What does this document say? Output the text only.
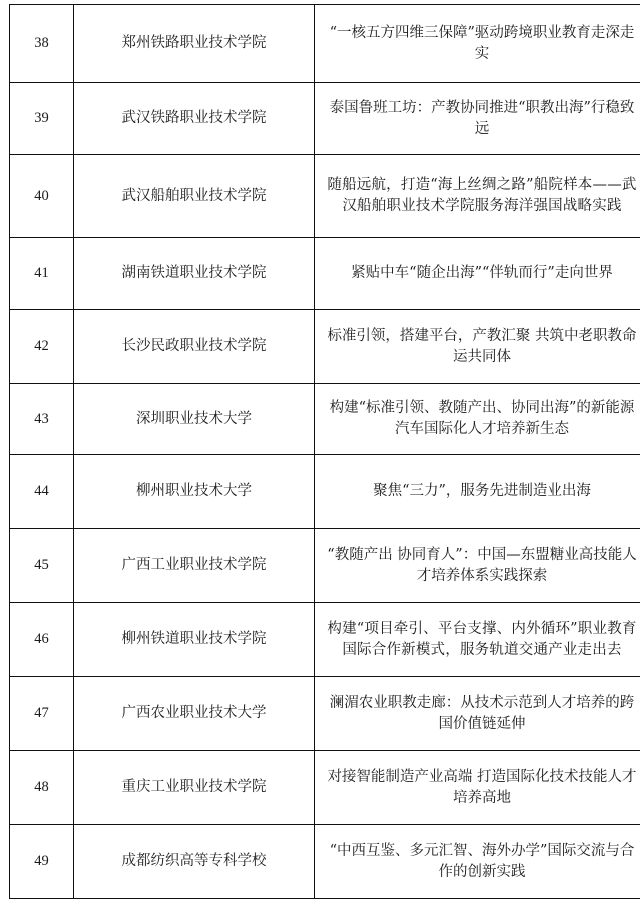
38	郑州铁路职业技术学院	“一核五方四维三保障”驱动跨境职业教育走深走实
39	武汉铁路职业技术学院	泰国鲁班工坊：产教协同推进“职教出海”行稳致远
40	武汉船舶职业技术学院	随船远航，打造“海上丝绸之路”船院样本——武汉船舶职业技术学院服务海洋强国战略实践
41	湖南铁道职业技术学院	紧贴中车“随企出海”“伴轨而行”走向世界
42	长沙民政职业技术学院	标准引领，搭建平台，产教汇聚 共筑中老职教命运共同体
43	深圳职业技术大学	构建“标准引领、教随产出、协同出海”的新能源汽车国际化人才培养新生态
44	柳州职业技术大学	聚焦“三力”，服务先进制造业出海
45	广西工业职业技术学院	“教随产出 协同育人”：中国—东盟糖业高技能人才培养体系实践探索
46	柳州铁道职业技术学院	构建“项目牵引、平台支撑、内外循环”职业教育国际合作新模式，服务轨道交通产业走出去
47	广西农业职业技术大学	澜湄农业职教走廊：从技术示范到人才培养的跨国价值链延伸
48	重庆工业职业技术学院	对接智能制造产业高端 打造国际化技术技能人才培养高地
49	成都纺织高等专科学校	“中西互鉴、多元汇智、海外办学”国际交流与合作的创新实践
